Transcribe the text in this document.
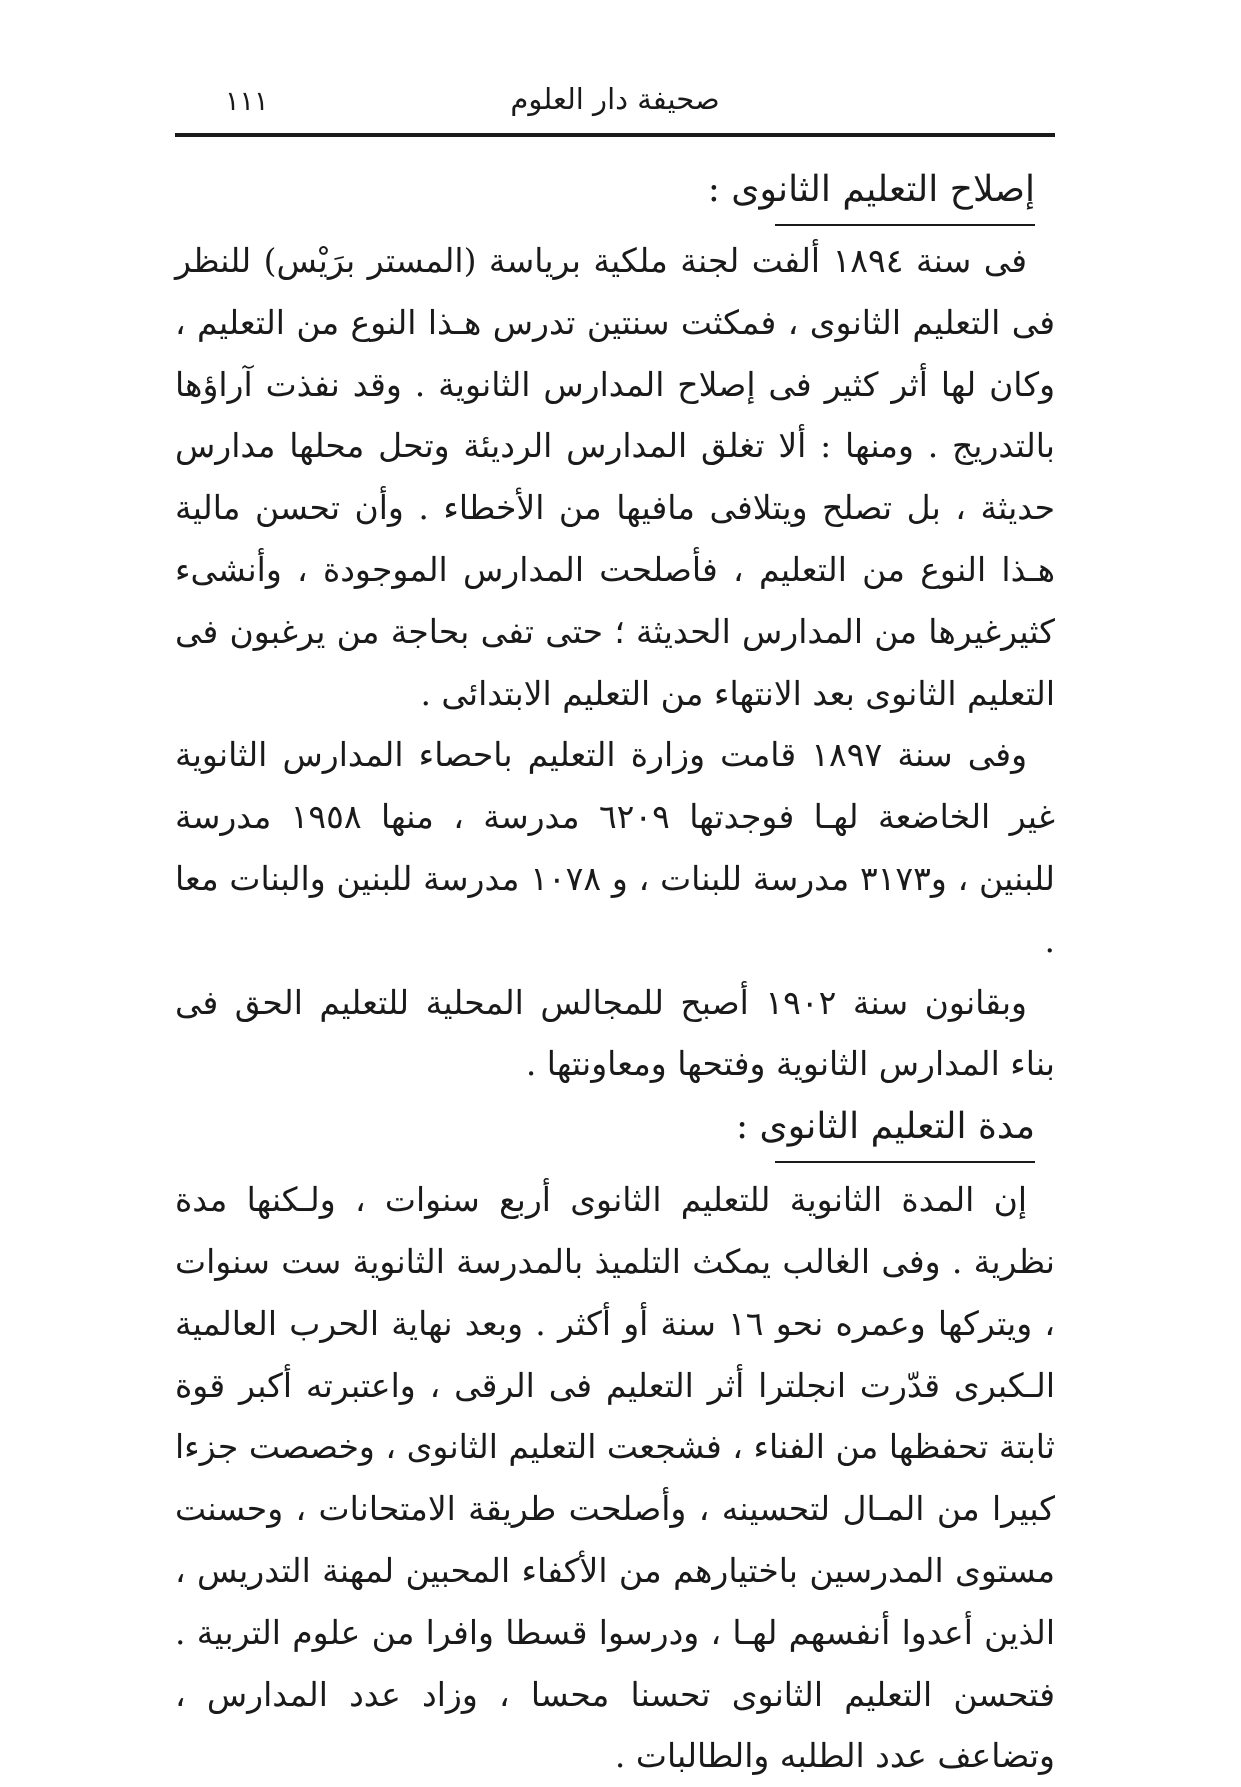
صحيفة دار العلوم
١١١
إصلاح التعليم الثانوى :

فى سنة ١٨٩٤ ألفت لجنة ملكية برياسة (المستر برَيْس) للنظر فى التعليم الثانوى ، فمكثت سنتين تدرس هـذا النوع من التعليم ، وكان لها أثر كثير فى إصلاح المدارس الثانوية . وقد نفذت آراؤها بالتدريج . ومنها : ألا تغلق المدارس الرديئة وتحل محلها مدارس حديثة ، بل تصلح ويتلافى مافيها من الأخطاء . وأن تحسن مالية هـذا النوع من التعليم ، فأصلحت المدارس الموجودة ، وأنشىء كثيرغيرها من المدارس الحديثة ؛ حتى تفى بحاجة من يرغبون فى التعليم الثانوى بعد الانتهاء من التعليم الابتدائى .

وفى سنة ١٨٩٧ قامت وزارة التعليم باحصاء المدارس الثانوية غير الخاضعة لهـا فوجدتها ٦٢٠٩ مدرسة ، منها ١٩٥٨ مدرسة للبنين ، و٣١٧٣ مدرسة للبنات ، و ١٠٧٨ مدرسة للبنين والبنات معا .

وبقانون سنة ١٩٠٢ أصبح للمجالس المحلية للتعليم الحق فى بناء المدارس الثانوية وفتحها ومعاونتها .

مدة التعليم الثانوى :

إن المدة الثانوية للتعليم الثانوى أربع سنوات ، ولـكنها مدة نظرية . وفى الغالب يمكث التلميذ بالمدرسة الثانوية ست سنوات ، ويتركها وعمره نحو ١٦ سنة أو أكثر . وبعد نهاية الحرب العالمية الـكبرى قدّرت انجلترا أثر التعليم فى الرقى ، واعتبرته أكبر قوة ثابتة تحفظها من الفناء ، فشجعت التعليم الثانوى ، وخصصت جزءا كبيرا من المـال لتحسينه ، وأصلحت طريقة الامتحانات ، وحسنت مستوى المدرسين باختيارهم من الأكفاء المحبين لمهنة التدريس ، الذين أعدوا أنفسهم لهـا ، ودرسوا قسطا وافرا من علوم التربية . فتحسن التعليم الثانوى تحسنا محسا ، وزاد عدد المدارس ، وتضاعف عدد الطلبه والطالبات .
